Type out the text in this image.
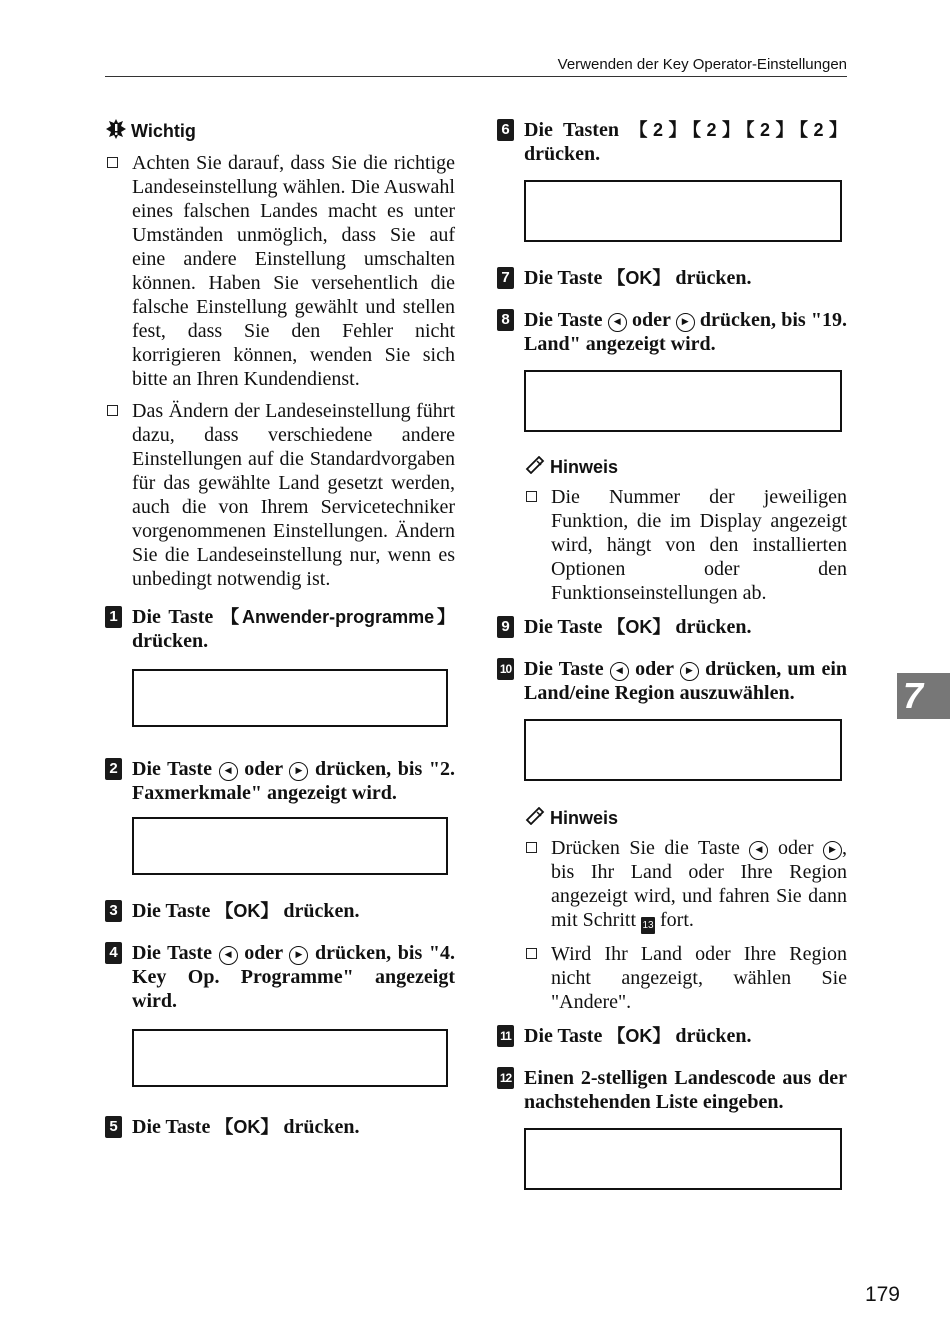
Verwenden der Key Operator-Einstellungen
Wichtig
Achten Sie darauf, dass Sie die richtige Landeseinstellung wählen. Die Auswahl eines falschen Landes macht es unter Umständen unmöglich, dass Sie auf eine andere Einstellung umschalten können. Haben Sie versehentlich die falsche Einstellung gewählt und stellen fest, dass Sie den Fehler nicht korrigieren können, wenden Sie sich bitte an Ihren Kundendienst.
Das Ändern der Landeseinstellung führt dazu, dass verschiedene andere Einstellungen auf die Standardvorgaben für das gewählte Land gesetzt werden, auch die von Ihrem Servicetechniker vorgenommenen Einstellungen. Ändern Sie die Landeseinstellung nur, wenn es unbedingt notwendig ist.
1 Die Taste 【Anwender-programme】 drücken.

2 Die Taste ◀ oder ▶ drücken, bis "2. Faxmerkmale" angezeigt wird.

3 Die Taste 【OK】 drücken.
4 Die Taste ◀ oder ▶ drücken, bis "4. Key Op. Programme" angezeigt wird.

5 Die Taste 【OK】 drücken.
6 Die Tasten 【2】【2】【2】【2】 drücken.

7 Die Taste 【OK】 drücken.
8 Die Taste ◀ oder ▶ drücken, bis "19. Land" angezeigt wird.

Hinweis
Die Nummer der jeweiligen Funktion, die im Display angezeigt wird, hängt von den installierten Optionen oder den Funktionseinstellungen ab.
9 Die Taste 【OK】 drücken.
10 Die Taste ◀ oder ▶ drücken, um ein Land/eine Region auszuwählen.

Hinweis
Drücken Sie die Taste ◀ oder ▶ , bis Ihr Land oder Ihre Region angezeigt wird, und fahren Sie dann mit Schritt 13 fort.
Wird Ihr Land oder Ihre Region nicht angezeigt, wählen Sie "Andere".
11 Die Taste 【OK】 drücken.
12 Einen 2-stelligen Landescode aus der nachstehenden Liste eingeben.

7
179
